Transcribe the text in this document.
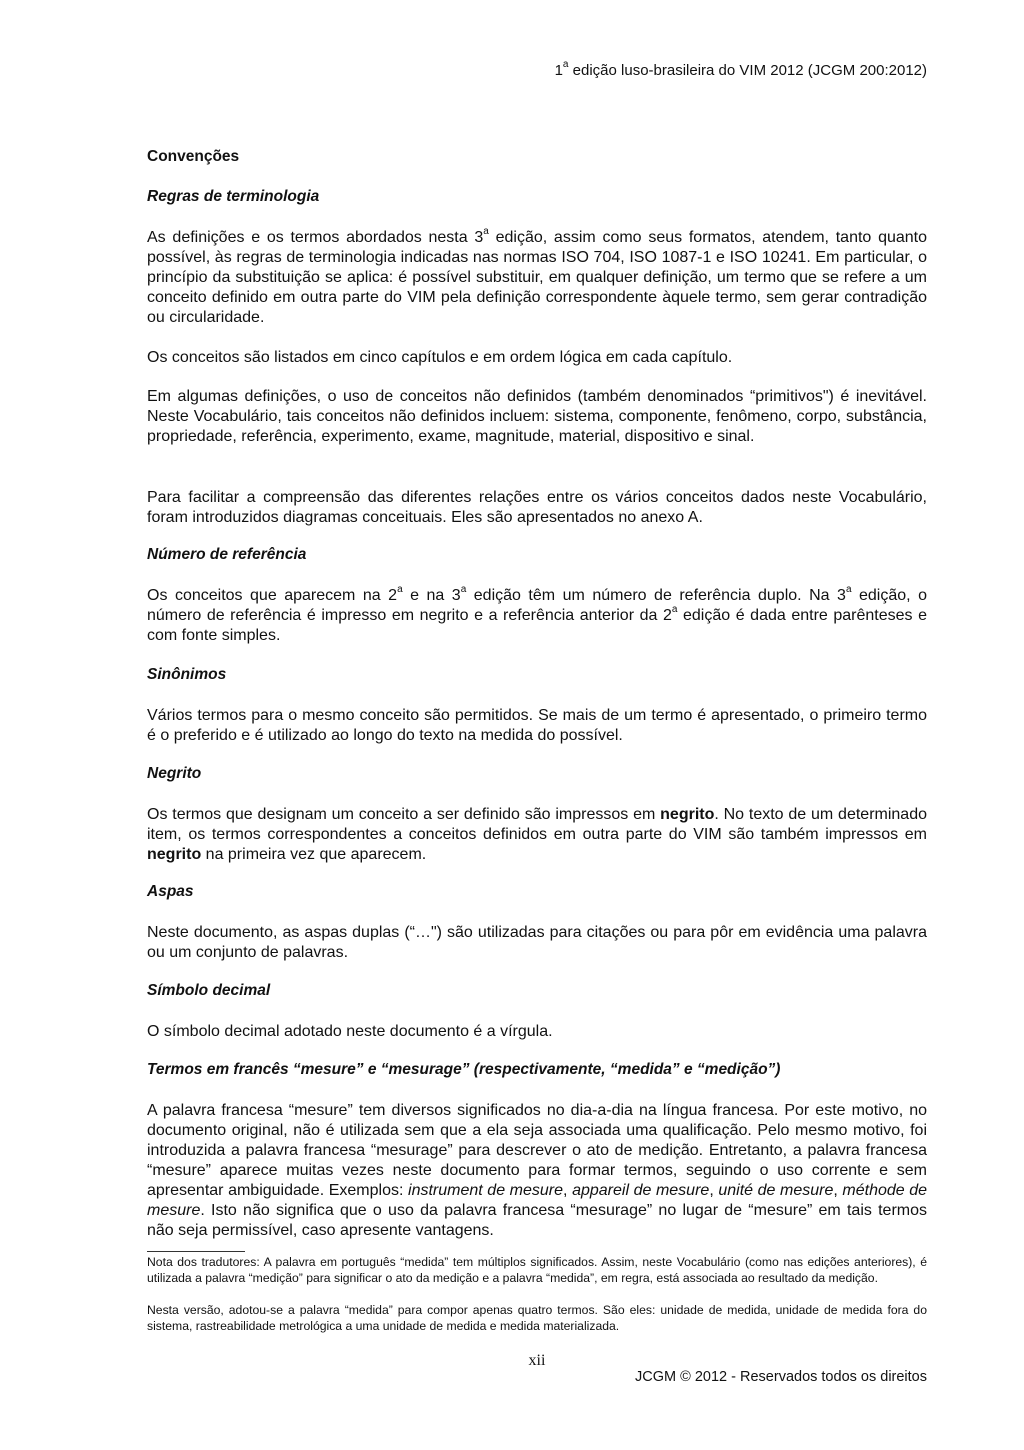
1$^a$ edição luso-brasileira do VIM 2012 (JCGM 200:2012)
Convenções
Regras de terminologia
As definições e os termos abordados nesta 3$^a$ edição, assim como seus formatos, atendem, tanto quanto possível, às regras de terminologia indicadas nas normas ISO 704, ISO 1087-1 e ISO 10241. Em particular, o princípio da substituição se aplica: é possível substituir, em qualquer definição, um termo que se refere a um conceito definido em outra parte do VIM pela definição correspondente àquele termo, sem gerar contradição ou circularidade.
Os conceitos são listados em cinco capítulos e em ordem lógica em cada capítulo.
Em algumas definições, o uso de conceitos não definidos (também denominados “primitivos") é inevitável. Neste Vocabulário, tais conceitos não definidos incluem: sistema, componente, fenômeno, corpo, substância, propriedade, referência, experimento, exame, magnitude, material, dispositivo e sinal.
Para facilitar a compreensão das diferentes relações entre os vários conceitos dados neste Vocabulário, foram introduzidos diagramas conceituais. Eles são apresentados no anexo A.
Número de referência
Os conceitos que aparecem na 2$^a$ e na 3$^a$ edição têm um número de referência duplo. Na 3$^a$ edição, o número de referência é impresso em negrito e a referência anterior da 2$^a$ edição é dada entre parênteses e com fonte simples.
Sinônimos
Vários termos para o mesmo conceito são permitidos. Se mais de um termo é apresentado, o primeiro termo é o preferido e é utilizado ao longo do texto na medida do possível.
Negrito
Os termos que designam um conceito a ser definido são impressos em negrito. No texto de um determinado item, os termos correspondentes a conceitos definidos em outra parte do VIM são também impressos em negrito na primeira vez que aparecem.
Aspas
Neste documento, as aspas duplas (“…") são utilizadas para citações ou para pôr em evidência uma palavra ou um conjunto de palavras.
Símbolo decimal
O símbolo decimal adotado neste documento é a vírgula.
Termos em francês “mesure” e “mesurage” (respectivamente, “medida” e “medição”)
A palavra francesa “mesure” tem diversos significados no dia-a-dia na língua francesa. Por este motivo, no documento original, não é utilizada sem que a ela seja associada uma qualificação. Pelo mesmo motivo, foi introduzida a palavra francesa “mesurage” para descrever o ato de medição. Entretanto, a palavra francesa “mesure” aparece muitas vezes neste documento para formar termos, seguindo o uso corrente e sem apresentar ambiguidade. Exemplos: instrument de mesure, appareil de mesure, unité de mesure, méthode de mesure. Isto não significa que o uso da palavra francesa “mesurage” no lugar de “mesure” em tais termos não seja permissível, caso apresente vantagens.
Nota dos tradutores: A palavra em português “medida” tem múltiplos significados. Assim, neste Vocabulário (como nas edições anteriores), é utilizada a palavra “medição” para significar o ato da medição e a palavra “medida”, em regra, está associada ao resultado da medição.
Nesta versão, adotou-se a palavra “medida” para compor apenas quatro termos. São eles: unidade de medida, unidade de medida fora do sistema, rastreabilidade metrológica a uma unidade de medida e medida materializada.
xii
JCGM © 2012 - Reservados todos os direitos
